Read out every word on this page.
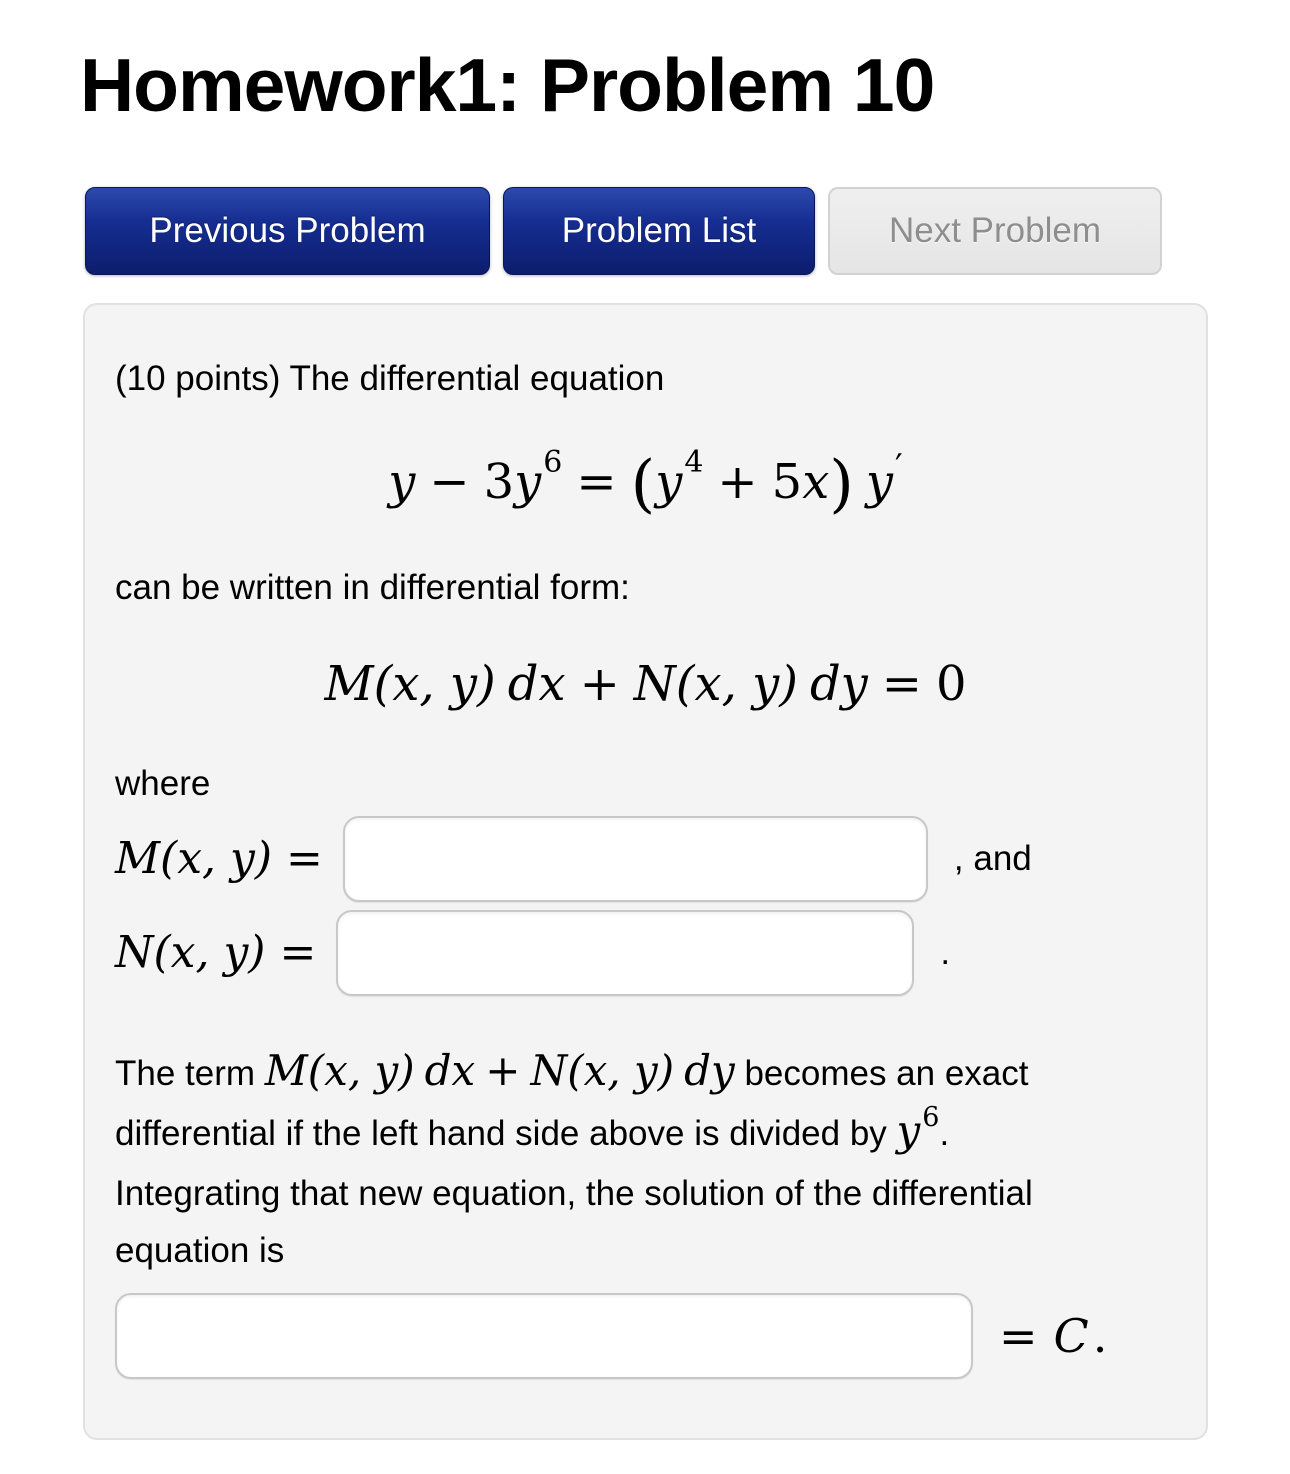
Homework1: Problem 10
Previous Problem	Problem List	Next Problem

(10 points) The differential equation

$y - 3y^6 = (y^4 + 5x)$ y′

can be written in differential form:

M(x, y) dx + N(x, y) dy = 0

where

M(x, y) =	, and
N(x, y) =	.

The term M(x, y) dx + N(x, y) dy becomes an exact differential if the left hand side above is divided by $y^6$. Integrating that new equation, the solution of the differential equation is

= C.
